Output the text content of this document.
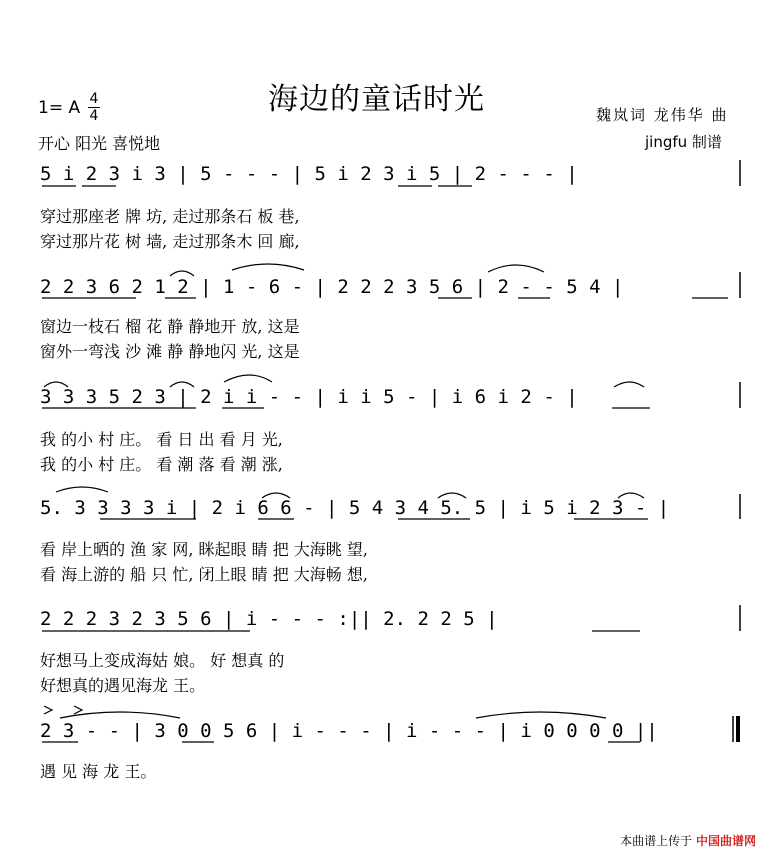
海边的童话时光
1= A 4
4
开心 阳光 喜悦地
魏岚词 龙伟华 曲
jingfu 制谱
5 i 2 3 i 3 | 5 - - - | 5 i 2 3 i 5 | 2 - - - |
穿过那座老 牌 坊, 走过那条石 板 巷,
穿过那片花 树 墙, 走过那条木 回 廊,
2 2 3 6 2 1 2 | 1 - 6 - | 2 2 2 3 5 6 | 2 - - 5 4 |
窗边一枝石 榴 花 静 静地开 放, 这是
窗外一弯浅 沙 滩 静 静地闪 光, 这是
3 3 3 5 2 3 | 2 i i - - | i i 5 - | i 6 i 2 - |
我 的小 村 庄。 看 日 出 看 月 光,
我 的小 村 庄。 看 潮 落 看 潮 涨,
5. 3 3 3 3 i | 2 i 6 6 - | 5 4 3 4 5. 5 | i 5 i 2 3 - |
看 岸上晒的 渔 家 网, 眯起眼 睛 把 大海眺 望,
看 海上游的 船 只 忙, 闭上眼 睛 把 大海畅 想,
2 2 2 3 2 3 5 6 | i - - - :|| 2. 2 2 5 |
好想马上变成海姑 娘。 好 想真 的
好想真的遇见海龙 王。
2 3 - - | 3 0 0 5 6 | i - - - | i - - - | i 0 0 0 0 ||
遇 见 海 龙 王。
本曲谱上传于 中国曲谱网
